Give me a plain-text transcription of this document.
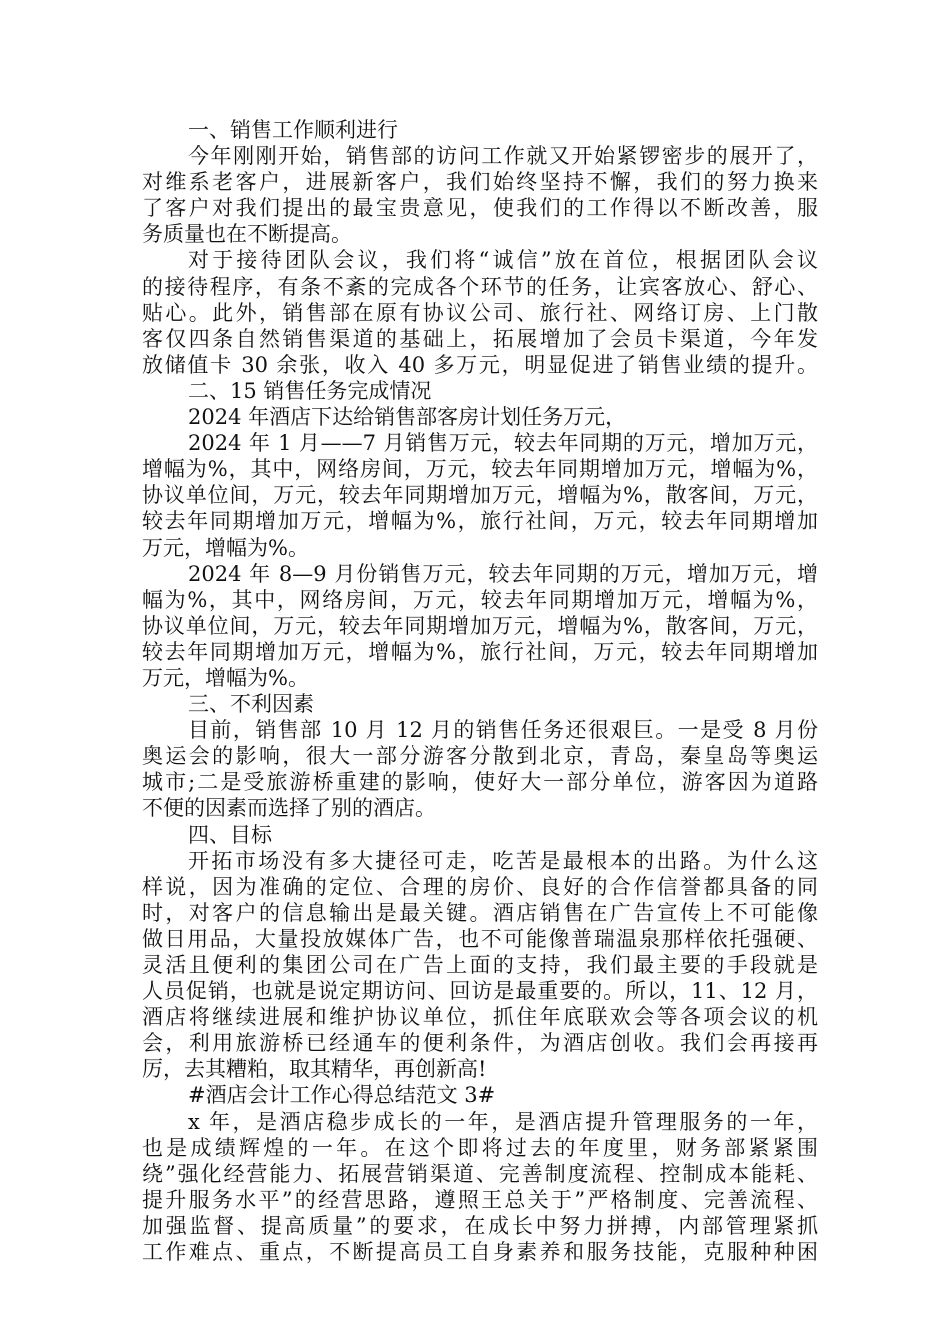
一、销售工作顺利进行
今年刚刚开始，销售部的访问工作就又开始紧锣密步的展开了，
对维系老客户，进展新客户，我们始终坚持不懈，我们的努力换来
了客户对我们提出的最宝贵意见，使我们的工作得以不断改善，服
务质量也在不断提高。
对于接待团队会议，我们将“诚信”放在首位，根据团队会议
的接待程序，有条不紊的完成各个环节的任务，让宾客放心、舒心、
贴心。此外，销售部在原有协议公司、旅行社、网络订房、上门散
客仅四条自然销售渠道的基础上，拓展增加了会员卡渠道，今年发
放储值卡 30 余张，收入 40 多万元，明显促进了销售业绩的提升。
二、15 销售任务完成情况
2024 年酒店下达给销售部客房计划任务万元，
2024 年 1 月——7 月销售万元，较去年同期的万元，增加万元，
增幅为%，其中，网络房间，万元，较去年同期增加万元，增幅为%，
协议单位间，万元，较去年同期增加万元，增幅为%，散客间，万元，
较去年同期增加万元，增幅为%，旅行社间，万元，较去年同期增加
万元，增幅为%。
2024 年 8—9 月份销售万元，较去年同期的万元，增加万元，增
幅为%，其中，网络房间，万元，较去年同期增加万元，增幅为%，
协议单位间，万元，较去年同期增加万元，增幅为%，散客间，万元，
较去年同期增加万元，增幅为%，旅行社间，万元，较去年同期增加
万元，增幅为%。
三、不利因素
目前，销售部 10 月 12 月的销售任务还很艰巨。一是受 8 月份
奥运会的影响，很大一部分游客分散到北京，青岛，秦皇岛等奥运
城市;二是受旅游桥重建的影响，使好大一部分单位，游客因为道路
不便的因素而选择了别的酒店。
四、目标
开拓市场没有多大捷径可走，吃苦是最根本的出路。为什么这
样说，因为准确的定位、合理的房价、良好的合作信誉都具备的同
时，对客户的信息输出是最关键。酒店销售在广告宣传上不可能像
做日用品，大量投放媒体广告，也不可能像普瑞温泉那样依托强硬、
灵活且便利的集团公司在广告上面的支持，我们最主要的手段就是
人员促销，也就是说定期访问、回访是最重要的。所以，11、12 月，
酒店将继续进展和维护协议单位，抓住年底联欢会等各项会议的机
会，利用旅游桥已经通车的便利条件，为酒店创收。我们会再接再
厉，去其糟粕，取其精华，再创新高!
#酒店会计工作心得总结范文 3#
x 年，是酒店稳步成长的一年，是酒店提升管理服务的一年，
也是成绩辉煌的一年。在这个即将过去的年度里，财务部紧紧围
绕”强化经营能力、拓展营销渠道、完善制度流程、控制成本能耗、
提升服务水平”的经营思路，遵照王总关于”严格制度、完善流程、
加强监督、提高质量”的要求，在成长中努力拼搏，内部管理紧抓
工作难点、重点，不断提高员工自身素养和服务技能，克服种种困
